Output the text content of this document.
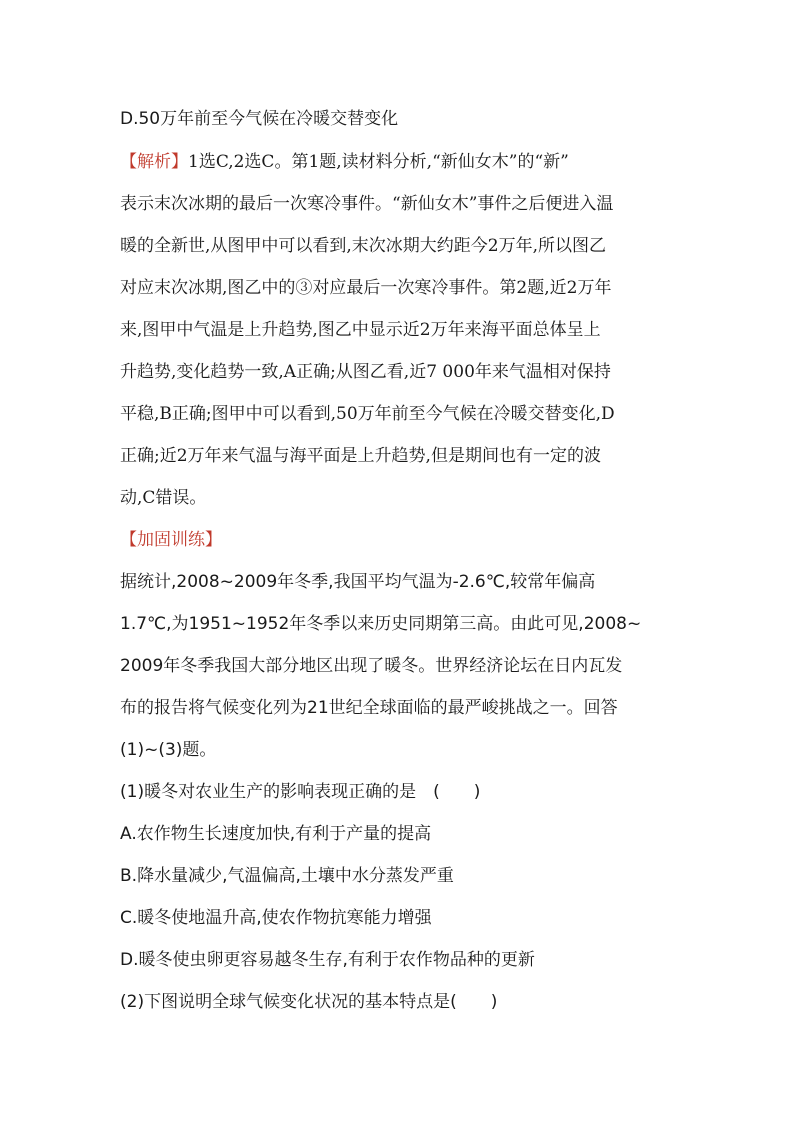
D.50万年前至今气候在冷暖交替变化
【解析】1选C,2选C。第1题,读材料分析,“新仙女木”的“新”
表示末次冰期的最后一次寒冷事件。“新仙女木”事件之后便进入温
暖的全新世,从图甲中可以看到,末次冰期大约距今2万年,所以图乙
对应末次冰期,图乙中的③对应最后一次寒冷事件。第2题,近2万年
来,图甲中气温是上升趋势,图乙中显示近2万年来海平面总体呈上
升趋势,变化趋势一致,A正确;从图乙看,近7 000年来气温相对保持
平稳,B正确;图甲中可以看到,50万年前至今气候在冷暖交替变化,D
正确;近2万年来气温与海平面是上升趋势,但是期间也有一定的波
动,C错误。
【加固训练】
据统计,2008~2009年冬季,我国平均气温为-2.6℃,较常年偏高
1.7℃,为1951~1952年冬季以来历史同期第三高。由此可见,2008~
2009年冬季我国大部分地区出现了暖冬。世界经济论坛在日内瓦发
布的报告将气候变化列为21世纪全球面临的最严峻挑战之一。回答
(1)~(3)题。
(1)暖冬对农业生产的影响表现正确的是　(　　)
A.农作物生长速度加快,有利于产量的提高
B.降水量减少,气温偏高,土壤中水分蒸发严重
C.暖冬使地温升高,使农作物抗寒能力增强
D.暖冬使虫卵更容易越冬生存,有利于农作物品种的更新
(2)下图说明全球气候变化状况的基本特点是(　　)
